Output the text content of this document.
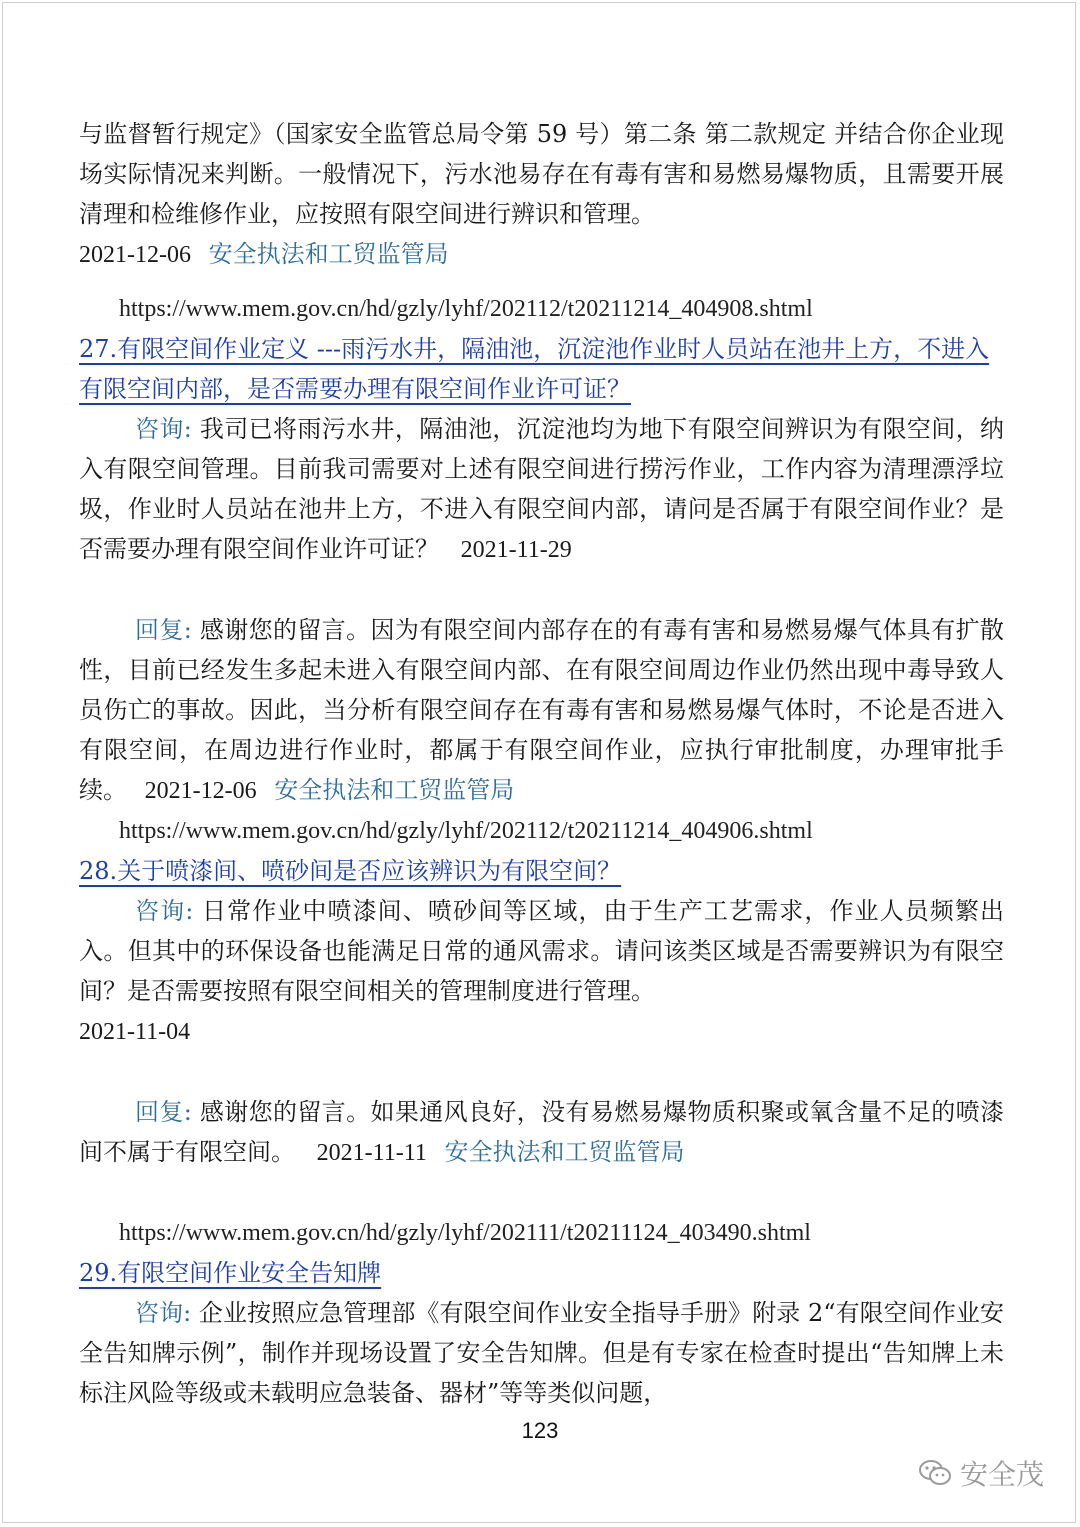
与监督暂行规定》（国家安全监管总局令第 59 号）第二条 第二款规定 并结合你企业现场实际情况来判断。一般情况下，污水池易存在有毒有害和易燃易爆物质，且需要开展清理和检维修作业，应按照有限空间进行辨识和管理。

2021-12-06 安全执法和工贸监管局

https://www.mem.gov.cn/hd/gzly/lyhf/202112/t20211214_404908.shtml

27.有限空间作业定义 ---雨污水井，隔油池，沉淀池作业时人员站在池井上方，不进入有限空间内部，是否需要办理有限空间作业许可证？

咨询: 我司已将雨污水井，隔油池，沉淀池均为地下有限空间辨识为有限空间，纳入有限空间管理。目前我司需要对上述有限空间进行捞污作业，工作内容为清理漂浮垃圾，作业时人员站在池井上方，不进入有限空间内部，请问是否属于有限空间作业？是否需要办理有限空间作业许可证？ 2021-11-29

回复: 感谢您的留言。因为有限空间内部存在的有毒有害和易燃易爆气体具有扩散性，目前已经发生多起未进入有限空间内部、在有限空间周边作业仍然出现中毒导致人员伤亡的事故。因此，当分析有限空间存在有毒有害和易燃易爆气体时，不论是否进入有限空间，在周边进行作业时，都属于有限空间作业，应执行审批制度，办理审批手续。 2021-12-06 安全执法和工贸监管局

https://www.mem.gov.cn/hd/gzly/lyhf/202112/t20211214_404906.shtml

28.关于喷漆间、喷砂间是否应该辨识为有限空间？

咨询: 日常作业中喷漆间、喷砂间等区域，由于生产工艺需求，作业人员频繁出入。但其中的环保设备也能满足日常的通风需求。请问该类区域是否需要辨识为有限空间？是否需要按照有限空间相关的管理制度进行管理。

2021-11-04

回复: 感谢您的留言。如果通风良好，没有易燃易爆物质积聚或氧含量不足的喷漆间不属于有限空间。 2021-11-11 安全执法和工贸监管局

https://www.mem.gov.cn/hd/gzly/lyhf/202111/t20211124_403490.shtml

29.有限空间作业安全告知牌

咨询: 企业按照应急管理部《有限空间作业安全指导手册》附录 2“有限空间作业安全告知牌示例”，制作并现场设置了安全告知牌。但是有专家在检查时提出“告知牌上未标注风险等级或未载明应急装备、器材”等等类似问题，

123
安全茂
